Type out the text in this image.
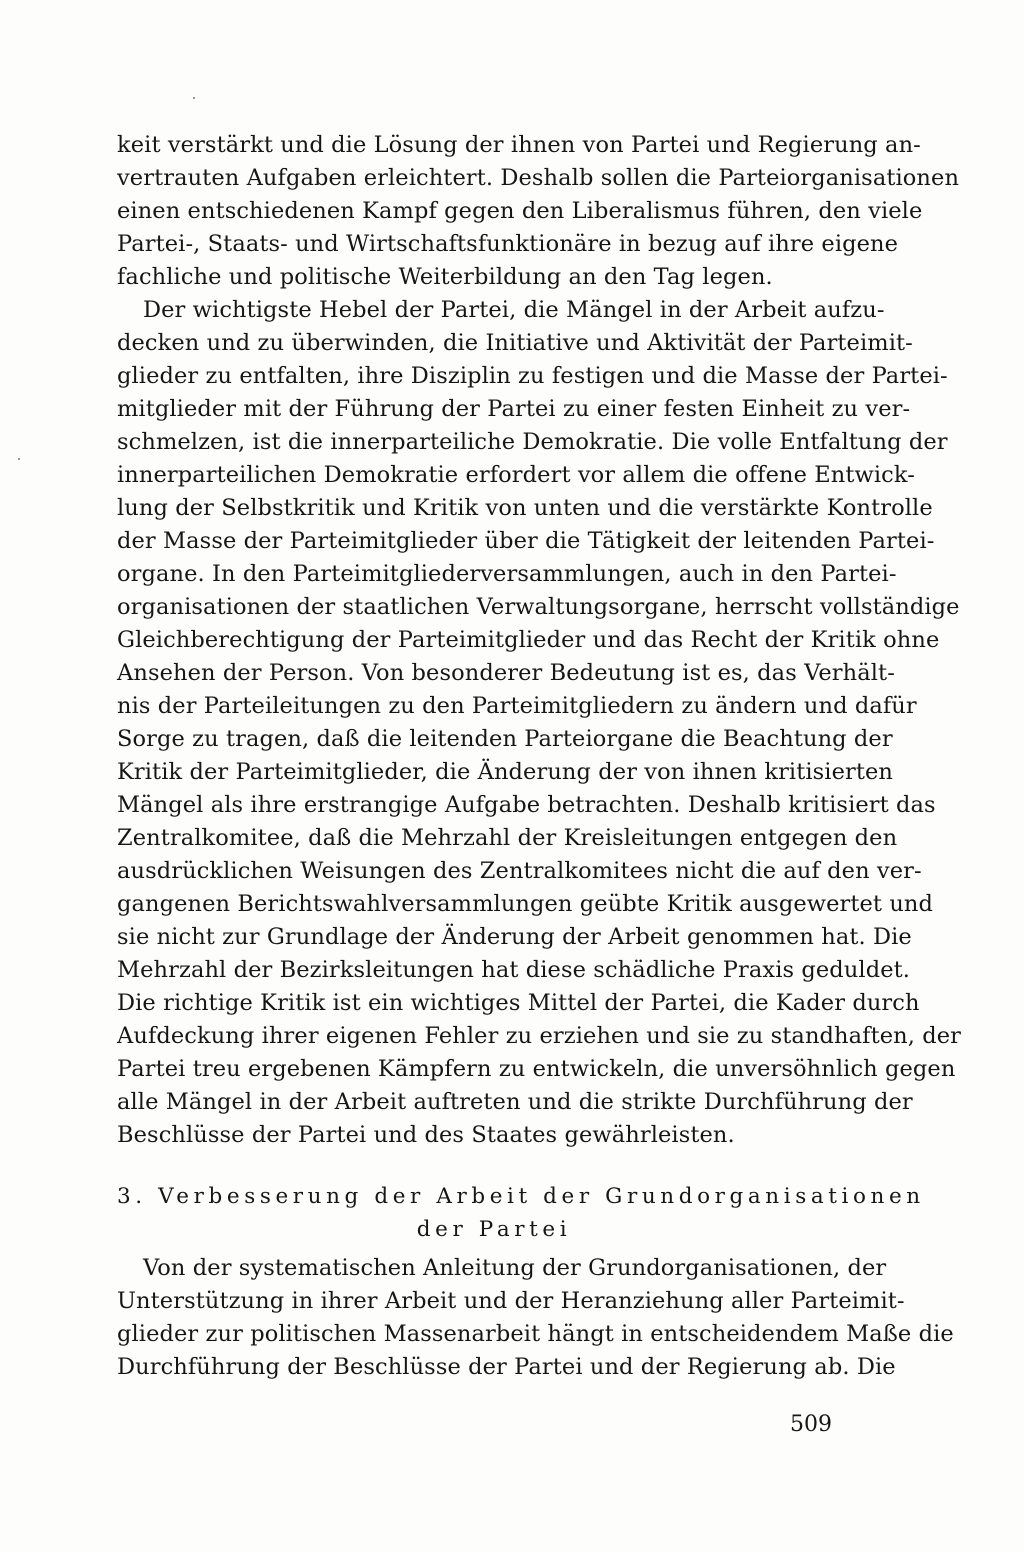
keit verstärkt und die Lösung der ihnen von Partei und Regierung an-
vertrauten Aufgaben erleichtert. Deshalb sollen die Parteiorganisationen
einen entschiedenen Kampf gegen den Liberalismus führen, den viele
Partei-, Staats- und Wirtschaftsfunktionäre in bezug auf ihre eigene
fachliche und politische Weiterbildung an den Tag legen.
Der wichtigste Hebel der Partei, die Mängel in der Arbeit aufzu-
decken und zu überwinden, die Initiative und Aktivität der Parteimit-
glieder zu entfalten, ihre Disziplin zu festigen und die Masse der Partei-
mitglieder mit der Führung der Partei zu einer festen Einheit zu ver-
schmelzen, ist die innerparteiliche Demokratie. Die volle Entfaltung der
innerparteilichen Demokratie erfordert vor allem die offene Entwick-
lung der Selbstkritik und Kritik von unten und die verstärkte Kontrolle
der Masse der Parteimitglieder über die Tätigkeit der leitenden Partei-
organe. In den Parteimitgliederversammlungen, auch in den Partei-
organisationen der staatlichen Verwaltungsorgane, herrscht vollständige
Gleichberechtigung der Parteimitglieder und das Recht der Kritik ohne
Ansehen der Person. Von besonderer Bedeutung ist es, das Verhält-
nis der Parteileitungen zu den Parteimitgliedern zu ändern und dafür
Sorge zu tragen, daß die leitenden Parteiorgane die Beachtung der
Kritik der Parteimitglieder, die Änderung der von ihnen kritisierten
Mängel als ihre erstrangige Aufgabe betrachten. Deshalb kritisiert das
Zentralkomitee, daß die Mehrzahl der Kreisleitungen entgegen den
ausdrücklichen Weisungen des Zentralkomitees nicht die auf den ver-
gangenen Berichtswahlversammlungen geübte Kritik ausgewertet und
sie nicht zur Grundlage der Änderung der Arbeit genommen hat. Die
Mehrzahl der Bezirksleitungen hat diese schädliche Praxis geduldet.
Die richtige Kritik ist ein wichtiges Mittel der Partei, die Kader durch
Aufdeckung ihrer eigenen Fehler zu erziehen und sie zu standhaften, der
Partei treu ergebenen Kämpfern zu entwickeln, die unversöhnlich gegen
alle Mängel in der Arbeit auftreten und die strikte Durchführung der
Beschlüsse der Partei und des Staates gewährleisten.
3. Verbesserung der Arbeit der Grundorganisationen
der Partei
Von der systematischen Anleitung der Grundorganisationen, der
Unterstützung in ihrer Arbeit und der Heranziehung aller Parteimit-
glieder zur politischen Massenarbeit hängt in entscheidendem Maße die
Durchführung der Beschlüsse der Partei und der Regierung ab. Die
509
